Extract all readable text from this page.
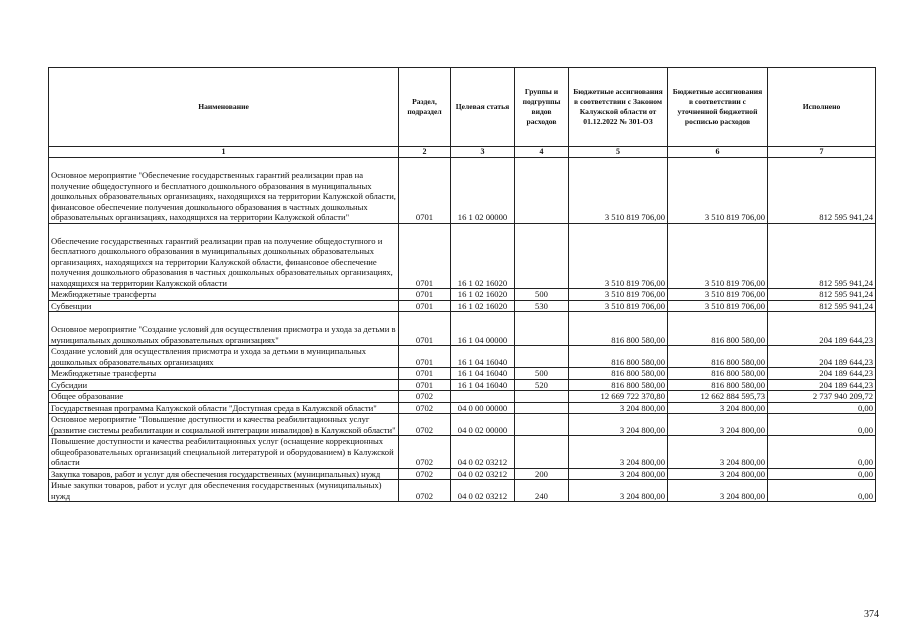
Наименование	Раздел, подраздел	Целевая статья	Группы и подгруппы видов расходов	Бюджетные ассигнования в соответствии с Законом Калужской области от 01.12.2022 № 301-ОЗ	Бюджетные ассигнования в соответствии с уточненной бюджетной росписью расходов	Исполнено
1	2	3	4	5	6	7
Основное мероприятие "Обеспечение государственных гарантий реализации прав на получение общедоступного и бесплатного дошкольного образования в муниципальных дошкольных образовательных организациях, находящихся на территории Калужской области, финансовое обеспечение получения дошкольного образования в частных дошкольных образовательных организациях, находящихся на территории Калужской области"	0701	16 1 02 00000		3 510 819 706,00	3 510 819 706,00	812 595 941,24
Обеспечение государственных гарантий реализации прав на получение общедоступного и бесплатного дошкольного образования в муниципальных дошкольных образовательных организациях, находящихся на территории Калужской области, финансовое обеспечение получения дошкольного образования в частных дошкольных образовательных организациях, находящихся на территории Калужской области	0701	16 1 02 16020		3 510 819 706,00	3 510 819 706,00	812 595 941,24
Межбюджетные трансферты	0701	16 1 02 16020	500	3 510 819 706,00	3 510 819 706,00	812 595 941,24
Субвенции	0701	16 1 02 16020	530	3 510 819 706,00	3 510 819 706,00	812 595 941,24
Основное мероприятие "Создание условий для осуществления присмотра и ухода за детьми в муниципальных дошкольных образовательных организациях"	0701	16 1 04 00000		816 800 580,00	816 800 580,00	204 189 644,23
Создание условий для осуществления присмотра и ухода за детьми в муниципальных дошкольных образовательных организациях	0701	16 1 04 16040		816 800 580,00	816 800 580,00	204 189 644,23
Межбюджетные трансферты	0701	16 1 04 16040	500	816 800 580,00	816 800 580,00	204 189 644,23
Субсидии	0701	16 1 04 16040	520	816 800 580,00	816 800 580,00	204 189 644,23
Общее образование	0702			12 669 722 370,80	12 662 884 595,73	2 737 940 209,72
Государственная программа Калужской области "Доступная среда в Калужской области"	0702	04 0 00 00000		3 204 800,00	3 204 800,00	0,00
Основное мероприятие "Повышение доступности и качества реабилитационных услуг (развитие системы реабилитации и социальной интеграции инвалидов) в Калужской области"	0702	04 0 02 00000		3 204 800,00	3 204 800,00	0,00
Повышение доступности и качества реабилитационных услуг (оснащение коррекционных общеобразовательных организаций специальной литературой и оборудованием) в Калужской области	0702	04 0 02 03212		3 204 800,00	3 204 800,00	0,00
Закупка товаров, работ и услуг для обеспечения государственных (муниципальных) нужд	0702	04 0 02 03212	200	3 204 800,00	3 204 800,00	0,00
Иные закупки товаров, работ и услуг для обеспечения государственных (муниципальных) нужд	0702	04 0 02 03212	240	3 204 800,00	3 204 800,00	0,00
374
